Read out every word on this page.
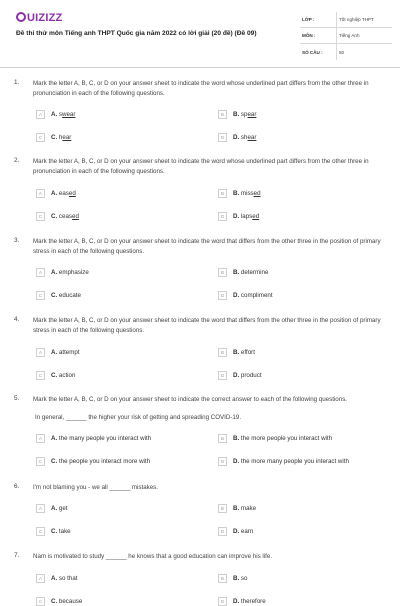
UIZIZZ
Đề thi thử môn Tiếng anh THPT Quốc gia năm 2022 có lời giải (20 đề) (Đề 09)
LỚP :	Tốt nghiệp THPT
MÔN :	Tiếng Anh
SỐ CÂU :	50
1. Mark the letter A, B, C, or D on your answer sheet to indicate the word whose underlined part differs from the other three in pronunciation in each of the following questions.
A	A. swear	B	B. spear
C	C. hear	D	D. shear
2. Mark the letter A, B, C, or D on your answer sheet to indicate the word whose underlined part differs from the other three in pronunciation in each of the following questions.
A	A. eased	B	B. missed
C	C. ceased	D	D. lapsed
3. Mark the letter A, B, C, or D on your answer sheet to indicate the word that differs from the other three in the position of primary stress in each of the following questions.
A	A. emphasize	B	B. determine
C	C. educate	D	D. compliment
4. Mark the letter A, B, C, or D on your answer sheet to indicate the word that differs from the other three in the position of primary stress in each of the following questions.
A	A. attempt	B	B. effort
C	C. action	D	D. product
5. Mark the letter A, B, C, or D on your answer sheet to indicate the correct answer to each of the following questions.
In general, ______ the higher your risk of getting and spreading COVID-19.
A	A. the many people you interact with	B	B. the more people you interact with
C	C. the people you interact more with	D	D. the more many people you interact with
6. I'm not blaming you - we all ______ mistakes.
A	A. get	B	B. make
C	C. take	D	D. earn
7. Nam is motivated to study ______ he knows that a good education can improve his life.
A	A. so that	B	B. so
C	C. because	D	D. therefore
